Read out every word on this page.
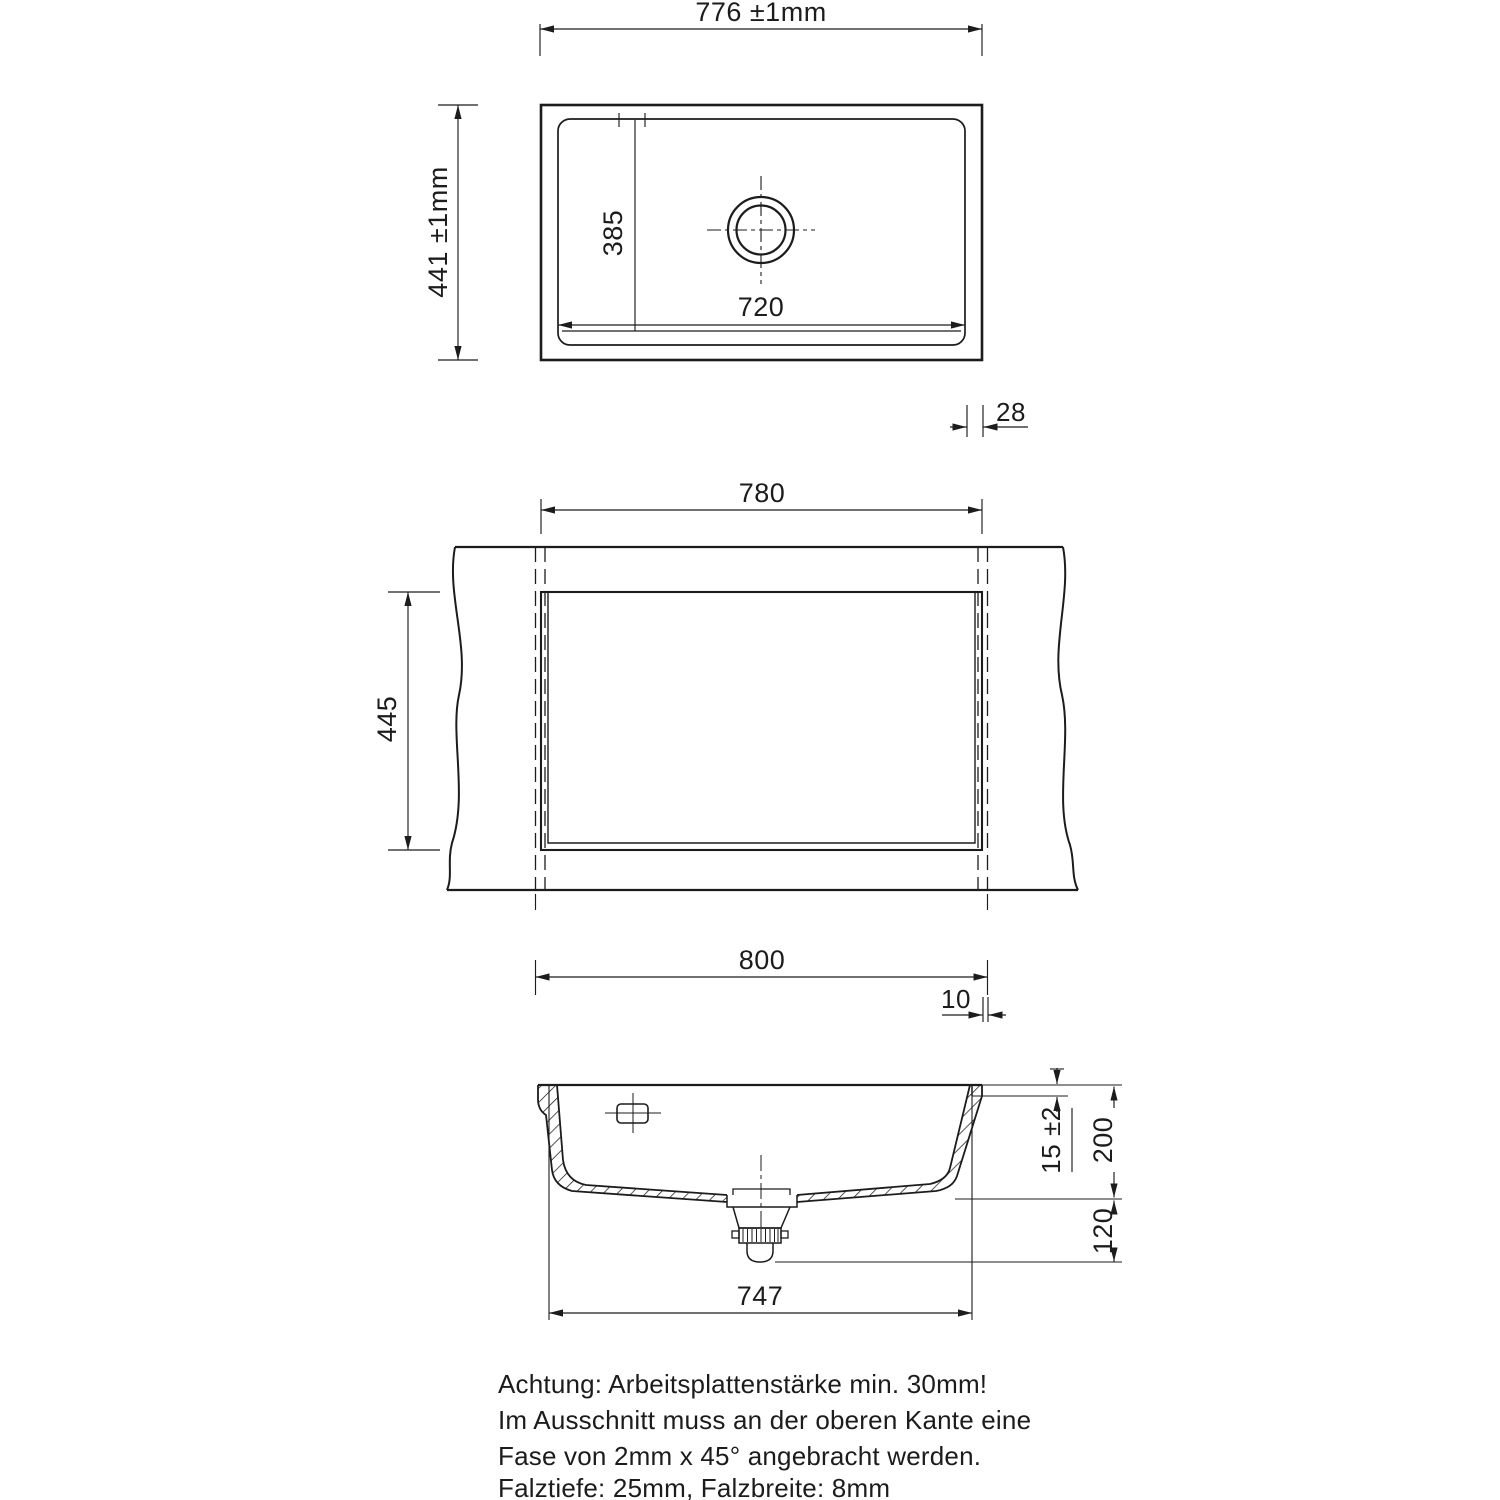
776 ±1mm
441 ±1mm	385
720
28
780
445
800
10
15 ±2 200
120
747
Achtung: Arbeitsplattenstärke min. 30mm!
Im Ausschnitt muss an der oberen Kante eine
Fase von 2mm x 45° angebracht werden.
Falztiefe: 25mm, Falzbreite: 8mm
